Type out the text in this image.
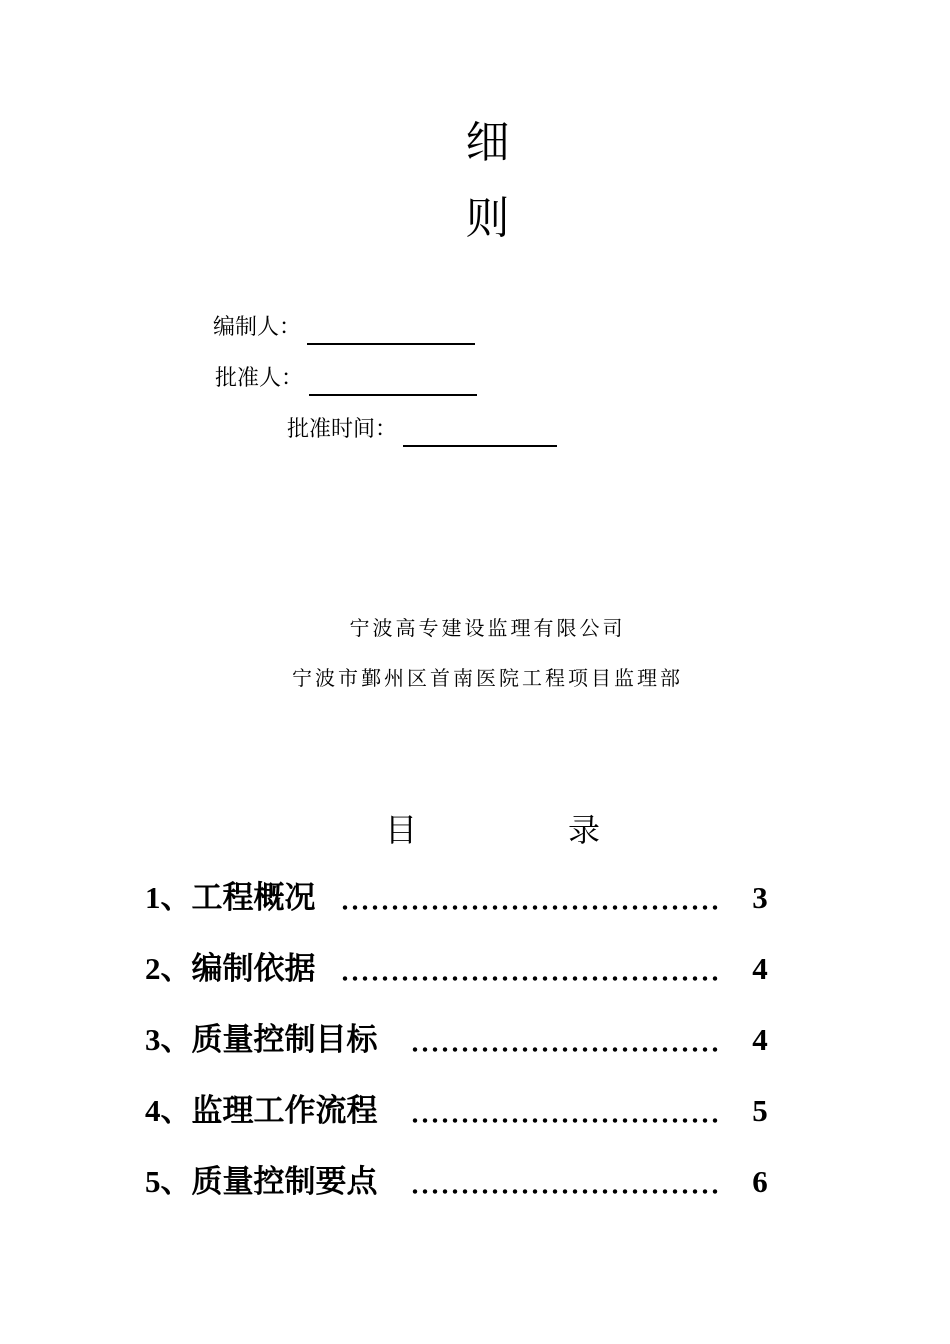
细
则
编制人：
批准人：
批准时间：
宁波高专建设监理有限公司
宁波市鄞州区首南医院工程项目监理部
目	录
1、工程概况	3
2、编制依据	4
3、质量控制目标	4
4、监理工作流程	5
5、质量控制要点	6
